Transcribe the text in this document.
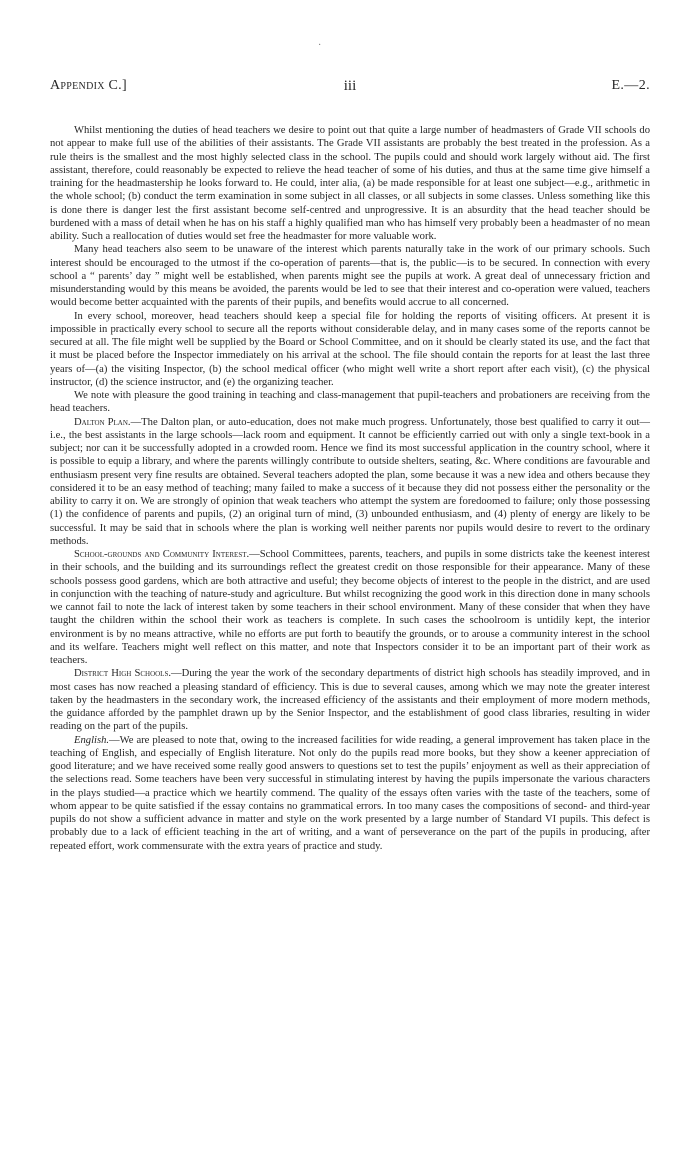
·
iii
Appendix C.]	E.—2.

Whilst mentioning the duties of head teachers we desire to point out that quite a large number of headmasters of Grade VII schools do not appear to make full use of the abilities of their assistants. The Grade VII assistants are probably the best treated in the profession. As a rule theirs is the smallest and the most highly selected class in the school. The pupils could and should work largely without aid. The first assistant, therefore, could reasonably be expected to relieve the head teacher of some of his duties, and thus at the same time give himself a training for the headmastership he looks forward to. He could, inter alia, (a) be made responsible for at least one subject—e.g., arithmetic in the whole school; (b) conduct the term examination in some subject in all classes, or all subjects in some classes. Unless something like this is done there is danger lest the first assistant become self-centred and unprogressive. It is an absurdity that the head teacher should be burdened with a mass of detail when he has on his staff a highly qualified man who has himself very probably been a headmaster of no mean ability. Such a reallocation of duties would set free the headmaster for more valuable work.

Many head teachers also seem to be unaware of the interest which parents naturally take in the work of our primary schools. Such interest should be encouraged to the utmost if the co-operation of parents—that is, the public—is to be secured. In connection with every school a “ parents’ day ” might well be established, when parents might see the pupils at work. A great deal of unnecessary friction and misunderstanding would by this means be avoided, the parents would be led to see that their interest and co-operation were valued, teachers would become better acquainted with the parents of their pupils, and benefits would accrue to all concerned.

In every school, moreover, head teachers should keep a special file for holding the reports of visiting officers. At present it is impossible in practically every school to secure all the reports without considerable delay, and in many cases some of the reports cannot be secured at all. The file might well be supplied by the Board or School Committee, and on it should be clearly stated its use, and the fact that it must be placed before the Inspector immediately on his arrival at the school. The file should contain the reports for at least the last three years of—(a) the visiting Inspector, (b) the school medical officer (who might well write a short report after each visit), (c) the physical instructor, (d) the science instructor, and (e) the organizing teacher.

We note with pleasure the good training in teaching and class-management that pupil-teachers and probationers are receiving from the head teachers.

Dalton Plan.—The Dalton plan, or auto-education, does not make much progress. Unfortunately, those best qualified to carry it out—i.e., the best assistants in the large schools—lack room and equipment. It cannot be efficiently carried out with only a single text-book in a subject; nor can it be successfully adopted in a crowded room. Hence we find its most successful application in the country school, where it is possible to equip a library, and where the parents willingly contribute to outside shelters, seating, &c. Where conditions are favourable and enthusiasm present very fine results are obtained. Several teachers adopted the plan, some because it was a new idea and others because they considered it to be an easy method of teaching; many failed to make a success of it because they did not possess either the personality or the ability to carry it on. We are strongly of opinion that weak teachers who attempt the system are foredoomed to failure; only those possessing (1) the confidence of parents and pupils, (2) an original turn of mind, (3) unbounded enthusiasm, and (4) plenty of energy are likely to be successful. It may be said that in schools where the plan is working well neither parents nor pupils would desire to revert to the ordinary methods.

School-grounds and Community Interest.—School Committees, parents, teachers, and pupils in some districts take the keenest interest in their schools, and the building and its surroundings reflect the greatest credit on those responsible for their appearance. Many of these schools possess good gardens, which are both attractive and useful; they become objects of interest to the people in the district, and are used in conjunction with the teaching of nature-study and agriculture. But whilst recognizing the good work in this direction done in many schools we cannot fail to note the lack of interest taken by some teachers in their school environment. Many of these consider that when they have taught the children within the school their work as teachers is complete. In such cases the schoolroom is untidily kept, the interior environment is by no means attractive, while no efforts are put forth to beautify the grounds, or to arouse a community interest in the school and its welfare. Teachers might well reflect on this matter, and note that Inspectors consider it to be an important part of their work as teachers.

District High Schools.—During the year the work of the secondary departments of district high schools has steadily improved, and in most cases has now reached a pleasing standard of efficiency. This is due to several causes, among which we may note the greater interest taken by the headmasters in the secondary work, the increased efficiency of the assistants and their employment of more modern methods, the guidance afforded by the pamphlet drawn up by the Senior Inspector, and the establishment of good class libraries, resulting in wider reading on the part of the pupils.

English.—We are pleased to note that, owing to the increased facilities for wide reading, a general improvement has taken place in the teaching of English, and especially of English literature. Not only do the pupils read more books, but they show a keener appreciation of good literature; and we have received some really good answers to questions set to test the pupils’ enjoyment as well as their appreciation of the selections read. Some teachers have been very successful in stimulating interest by having the pupils impersonate the various characters in the plays studied—a practice which we heartily commend. The quality of the essays often varies with the taste of the teachers, some of whom appear to be quite satisfied if the essay contains no grammatical errors. In too many cases the compositions of second- and third-year pupils do not show a sufficient advance in matter and style on the work presented by a large number of Standard VI pupils. This defect is probably due to a lack of efficient teaching in the art of writing, and a want of perseverance on the part of the pupils in producing, after repeated effort, work commensurate with the extra years of practice and study.
